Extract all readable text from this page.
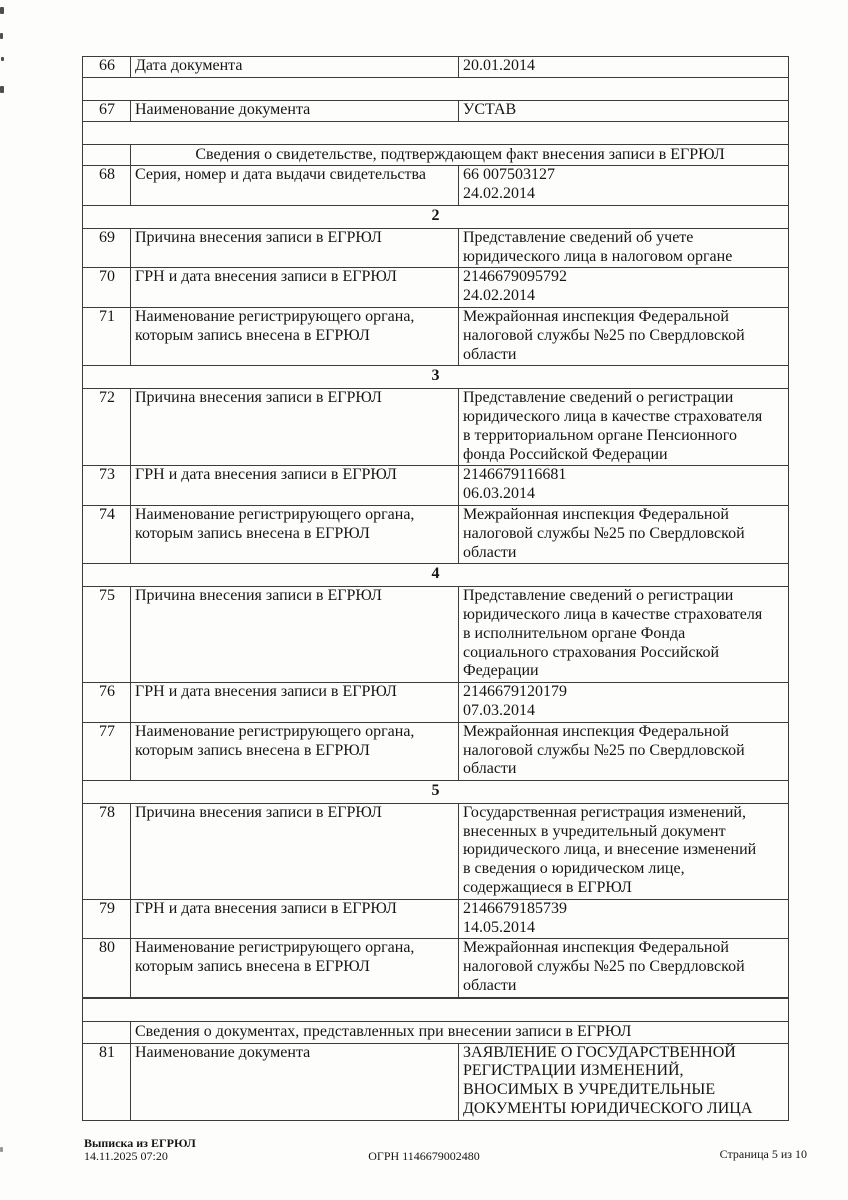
66	Дата документа	20.01.2014

67	Наименование документа	УСТАВ

	Сведения о свидетельстве, подтверждающем факт внесения записи в ЕГРЮЛ	
68	Серия, номер и дата выдачи свидетельства	66 007503127
24.02.2014
2		
69	Причина внесения записи в ЕГРЮЛ	Представление сведений об учете
юридического лица в налоговом органе
70	ГРН и дата внесения записи в ЕГРЮЛ	2146679095792
24.02.2014
71	Наименование регистрирующего органа,
которым запись внесена в ЕГРЮЛ	Межрайонная инспекция Федеральной
налоговой службы №25 по Свердловской
области
3		
72	Причина внесения записи в ЕГРЮЛ	Представление сведений о регистрации
юридического лица в качестве страхователя
в территориальном органе Пенсионного
фонда Российской Федерации
73	ГРН и дата внесения записи в ЕГРЮЛ	2146679116681
06.03.2014
74	Наименование регистрирующего органа,
которым запись внесена в ЕГРЮЛ	Межрайонная инспекция Федеральной
налоговой службы №25 по Свердловской
области
4		
75	Причина внесения записи в ЕГРЮЛ	Представление сведений о регистрации
юридического лица в качестве страхователя
в исполнительном органе Фонда
социального страхования Российской
Федерации
76	ГРН и дата внесения записи в ЕГРЮЛ	2146679120179
07.03.2014
77	Наименование регистрирующего органа,
которым запись внесена в ЕГРЮЛ	Межрайонная инспекция Федеральной
налоговой службы №25 по Свердловской
области
5		
78	Причина внесения записи в ЕГРЮЛ	Государственная регистрация изменений,
внесенных в учредительный документ
юридического лица, и внесение изменений
в сведения о юридическом лице,
содержащиеся в ЕГРЮЛ
79	ГРН и дата внесения записи в ЕГРЮЛ	2146679185739
14.05.2014
80	Наименование регистрирующего органа,
которым запись внесена в ЕГРЮЛ	Межрайонная инспекция Федеральной
налоговой службы №25 по Свердловской
области

	Сведения о документах, представленных при внесении записи в ЕГРЮЛ	
81	Наименование документа	ЗАЯВЛЕНИЕ О ГОСУДАРСТВЕННОЙ
РЕГИСТРАЦИИ ИЗМЕНЕНИЙ,
ВНОСИМЫХ В УЧРЕДИТЕЛЬНЫЕ
ДОКУМЕНТЫ ЮРИДИЧЕСКОГО ЛИЦА
Выписка из ЕГРЮЛ
14.11.2025 07:20	ОГРН 1146679002480	Страница 5 из 10
